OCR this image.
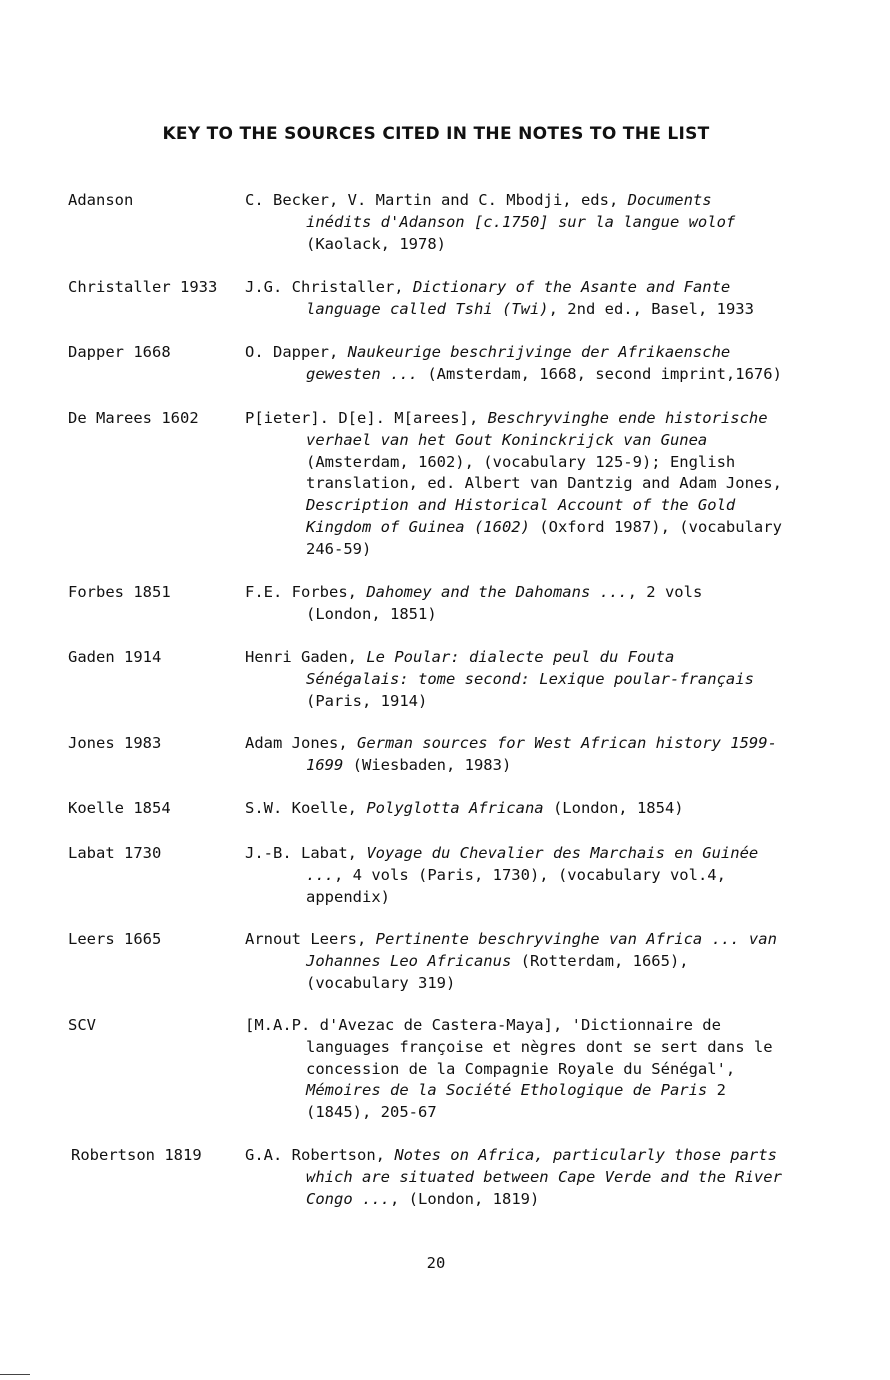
KEY TO THE SOURCES CITED IN THE NOTES TO THE LIST
Adanson	C. Becker, V. Martin and C. Mbodji, eds, Documents
inédits d'Adanson [c.1750] sur la langue wolof
(Kaolack, 1978)
Christaller 1933 J.G. Christaller, Dictionary of the Asante and Fante
language called Tshi (Twi), 2nd ed., Basel, 1933
Dapper 1668	O. Dapper, Naukeurige beschrijvinge der Afrikaensche
gewesten ... (Amsterdam, 1668, second imprint,1676)
De Marees 1602	P[ieter]. D[e]. M[arees], Beschryvinghe ende historische
verhael van het Gout Koninckrijck van Gunea
(Amsterdam, 1602), (vocabulary 125-9); English
translation, ed. Albert van Dantzig and Adam Jones,
Description and Historical Account of the Gold
Kingdom of Guinea (1602) (Oxford 1987), (vocabulary
246-59)
Forbes 1851	F.E. Forbes, Dahomey and the Dahomans ..., 2 vols
(London, 1851)
Gaden 1914	Henri Gaden, Le Poular: dialecte peul du Fouta
Sénégalais: tome second: Lexique poular-français
(Paris, 1914)
Jones 1983	Adam Jones, German sources for West African history 1599-
1699 (Wiesbaden, 1983)
Koelle 1854	S.W. Koelle, Polyglotta Africana (London, 1854)
Labat 1730	J.-B. Labat, Voyage du Chevalier des Marchais en Guinée
..., 4 vols (Paris, 1730), (vocabulary vol.4,
appendix)
Leers 1665	Arnout Leers, Pertinente beschryvinghe van Africa ... van
Johannes Leo Africanus (Rotterdam, 1665),
(vocabulary 319)
SCV	[M.A.P. d'Avezac de Castera-Maya], 'Dictionnaire de
languages françoise et nègres dont se sert dans le
concession de la Compagnie Royale du Sénégal',
Mémoires de la Société Ethologique de Paris 2
(1845), 205-67
Robertson 1819	G.A. Robertson, Notes on Africa, particularly those parts
which are situated between Cape Verde and the River
Congo ..., (London, 1819)
20
